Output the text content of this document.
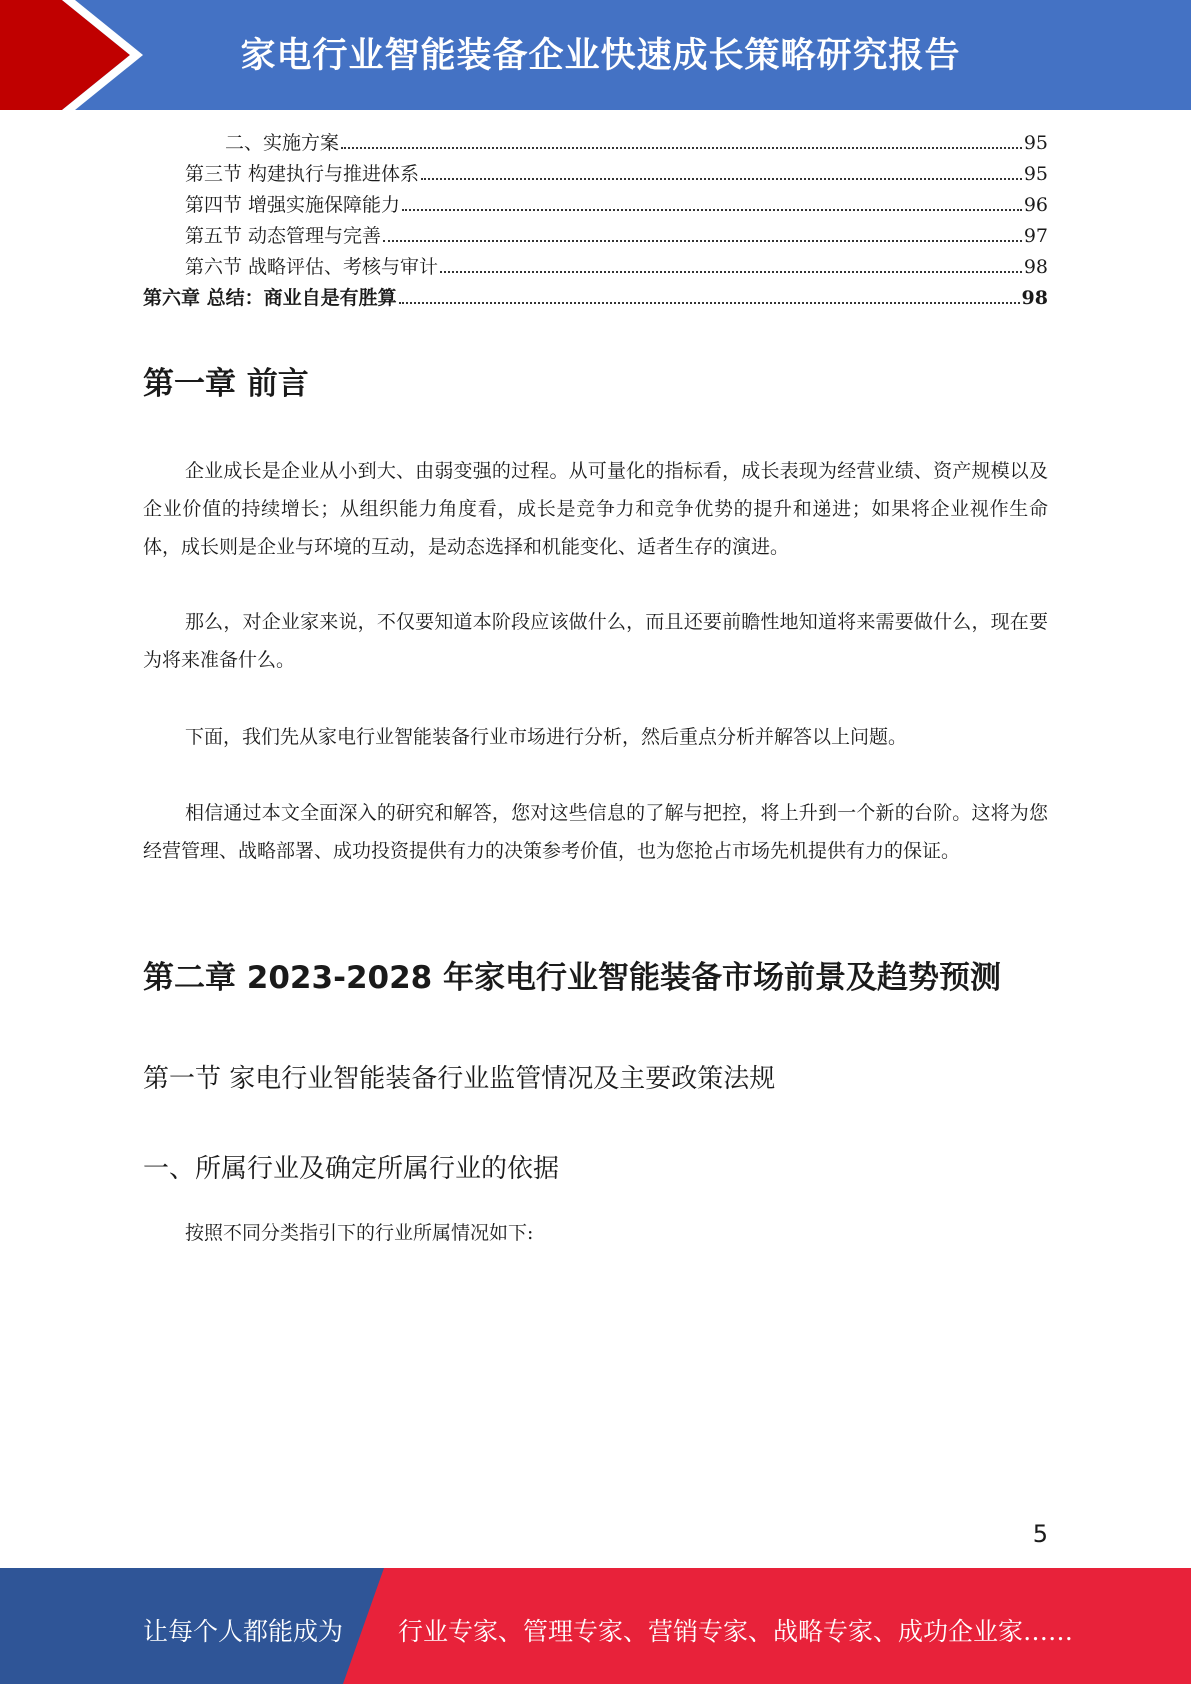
家电行业智能装备企业快速成长策略研究报告
二、实施方案	95
第三节 构建执行与推进体系	95
第四节 增强实施保障能力	96
第五节 动态管理与完善	97
第六节 战略评估、考核与审计	98
第六章 总结：商业自是有胜算	98
第一章 前言

企业成长是企业从小到大、由弱变强的过程。从可量化的指标看，成长表现为经营业绩、资产规模以及企业价值的持续增长；从组织能力角度看，成长是竞争力和竞争优势的提升和递进；如果将企业视作生命体，成长则是企业与环境的互动，是动态选择和机能变化、适者生存的演进。

那么，对企业家来说，不仅要知道本阶段应该做什么，而且还要前瞻性地知道将来需要做什么，现在要为将来准备什么。

下面，我们先从家电行业智能装备行业市场进行分析，然后重点分析并解答以上问题。

相信通过本文全面深入的研究和解答，您对这些信息的了解与把控，将上升到一个新的台阶。这将为您经营管理、战略部署、成功投资提供有力的决策参考价值，也为您抢占市场先机提供有力的保证。

第二章 2023-2028 年家电行业智能装备市场前景及趋势预测
第一节 家电行业智能装备行业监管情况及主要政策法规
一、所属行业及确定所属行业的依据

按照不同分类指引下的行业所属情况如下:

5
让每个人都能成为 行业专家、管理专家、营销专家、战略专家、成功企业家……
